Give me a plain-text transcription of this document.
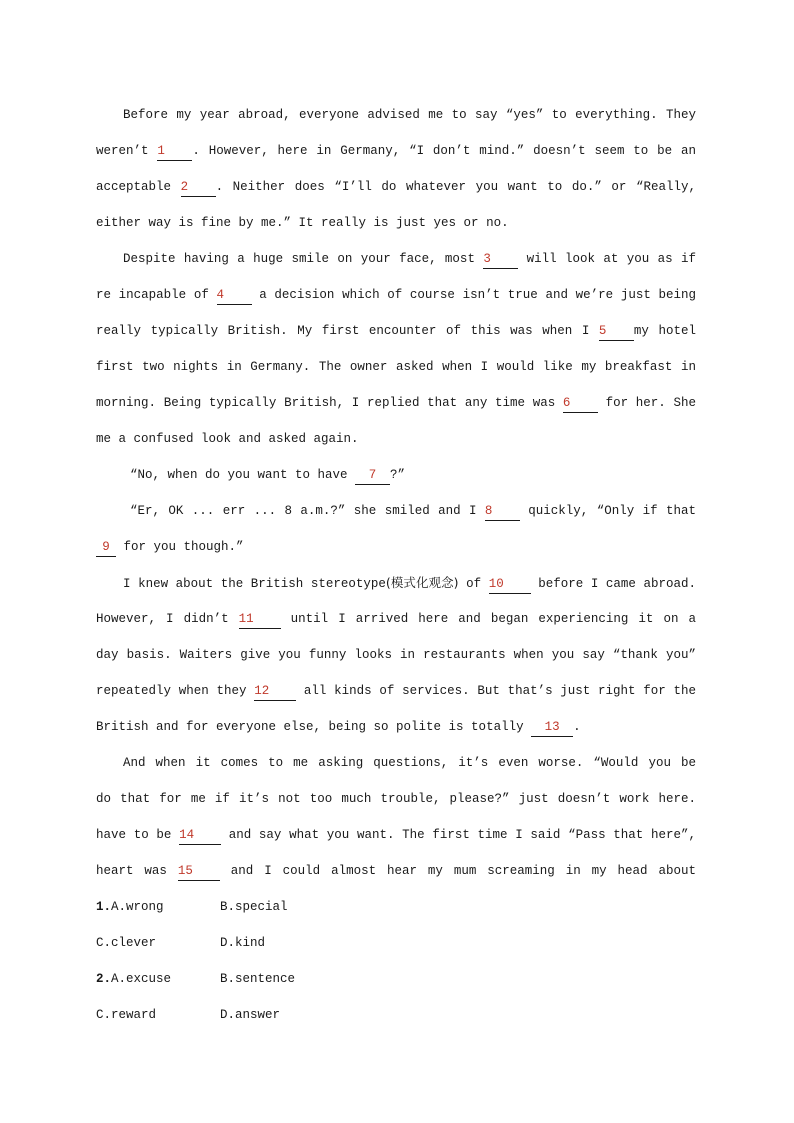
Before my year abroad, everyone advised me to say “yes” to everything. They
weren’t 1 . However, here in Germany, “I don’t mind.” doesn’t seem to be an
acceptable 2 . Neither does “I’ll do whatever you want to do.” or “Really,
either way is fine by me.” It really is just yes or no.
Despite having a huge smile on your face, most 3	will look at you as if
re incapable of 4 a decision which of course isn’t true and we’re just being
really typically British. My first encounter of this was when I 5 my hotel
first two nights in Germany. The owner asked when I would like my breakfast in
morning. Being typically British, I replied that any time was 6	for her. She
me a confused look and asked again.
“No, when do you want to have 7 ?”
“Er, OK ... err ... 8 a.m.?” she smiled and I 8	quickly, “Only if that
9 for you though.”
I knew about the British stereotype(模式化观念) of 10 before I came abroad.
However, I didn’t 11	until I arrived here and began experiencing it on a
day basis. Waiters give you funny looks in restaurants when you say “thank you”
repeatedly when they 12 all kinds of services. But that’s just right for the
British and for everyone else, being so polite is totally 13 .
And when it comes to me asking questions, it’s even worse. “Would you be
do that for me if it’s not too much trouble, please?” just doesn’t work here.
have to be 14	and say what you want. The first time I said “Pass that here”,
heart was 15	and I could almost hear my mum screaming in my head about
1.A.wrong	B.special
C.clever	D.kind
2.A.excuse	B.sentence
C.reward	D.answer
